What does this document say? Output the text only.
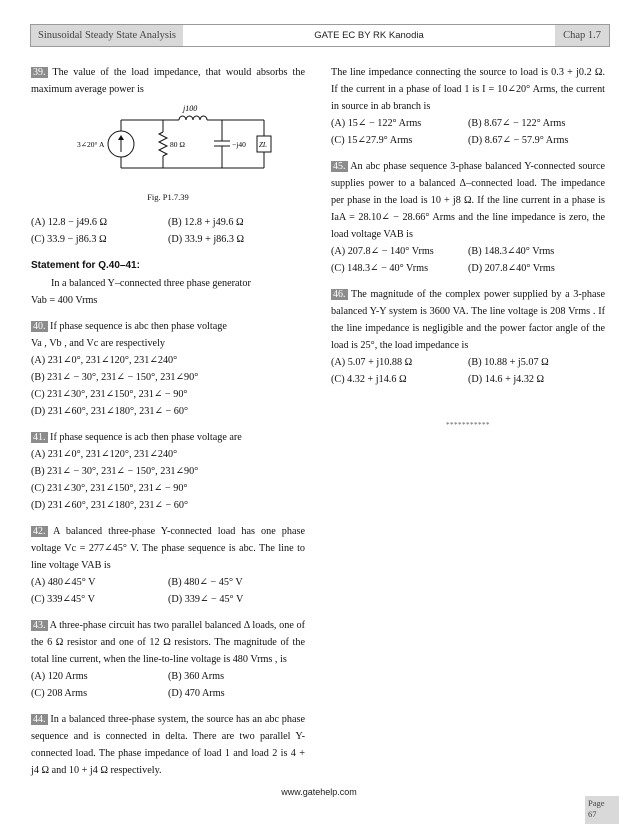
Sinusoidal Steady State Analysis	GATE EC BY RK Kanodia	Chap 1.7

39. The value of the load impedance, that would absorbs the maximum average power is

j100
3∠20° A	80 Ω	−j40 ZL
Fig. P1.7.39
(A) 12.8 − j49.6 Ω	(B) 12.8 + j49.6 Ω
(C) 33.9 − j86.3 Ω	(D) 33.9 + j86.3 Ω
Statement for Q.40–41:

In a balanced Y–connected three phase generator

Vab = 400 Vrms

40. If phase sequence is abc then phase voltage

Va , Vb , and Vc are respectively

(A) 231∠0°, 231∠120°, 231∠240°
(B) 231∠ − 30°, 231∠ − 150°, 231∠90°
(C) 231∠30°, 231∠150°, 231∠ − 90°
(D) 231∠60°, 231∠180°, 231∠ − 60°

41. If phase sequence is acb then phase voltage are

(A) 231∠0°, 231∠120°, 231∠240°
(B) 231∠ − 30°, 231∠ − 150°, 231∠90°
(C) 231∠30°, 231∠150°, 231∠ − 90°
(D) 231∠60°, 231∠180°, 231∠ − 60°

42. A balanced three-phase Y-connected load has one phase voltage Vc = 277∠45° V. The phase sequence is abc. The line to line voltage VAB is

(A) 480∠45° V	(B) 480∠ − 45° V
(C) 339∠45° V	(D) 339∠ − 45° V

43. A three-phase circuit has two parallel balanced Δ loads, one of the 6 Ω resistor and one of 12 Ω resistors. The magnitude of the total line current, when the line-to-line voltage is 480 Vrms , is

(A) 120 Arms	(B) 360 Arms
(C) 208 Arms	(D) 470 Arms

44. In a balanced three-phase system, the source has an abc phase sequence and is connected in delta. There are two parallel Y-connected load. The phase impedance of load 1 and load 2 is 4 + j4 Ω and 10 + j4 Ω respectively.

The line impedance connecting the source to load is 0.3 + j0.2 Ω. If the current in a phase of load 1 is I = 10∠20° Arms, the current in source in ab branch is

(A) 15∠ − 122° Arms	(B) 8.67∠ − 122° Arms
(C) 15∠27.9° Arms	(D) 8.67∠ − 57.9° Arms

45. An abc phase sequence 3-phase balanced Y-connected source supplies power to a balanced Δ–connected load. The impedance per phase in the load is 10 + j8 Ω. If the line current in a phase is IaA = 28.10∠ − 28.66° Arms and the line impedance is zero, the load voltage VAB is

(A) 207.8∠ − 140° Vrms	(B) 148.3∠40° Vrms
(C) 148.3∠ − 40° Vrms	(D) 207.8∠40° Vrms

46. The magnitude of the complex power supplied by a 3-phase balanced Y-Y system is 3600 VA. The line voltage is 208 Vrms . If the line impedance is negligible and the power factor angle of the load is 25°, the load impedance is

(A) 5.07 + j10.88 Ω	(B) 10.88 + j5.07 Ω
(C) 4.32 + j14.6 Ω	(D) 14.6 + j4.32 Ω
***********
www.gatehelp.com
Page
67
